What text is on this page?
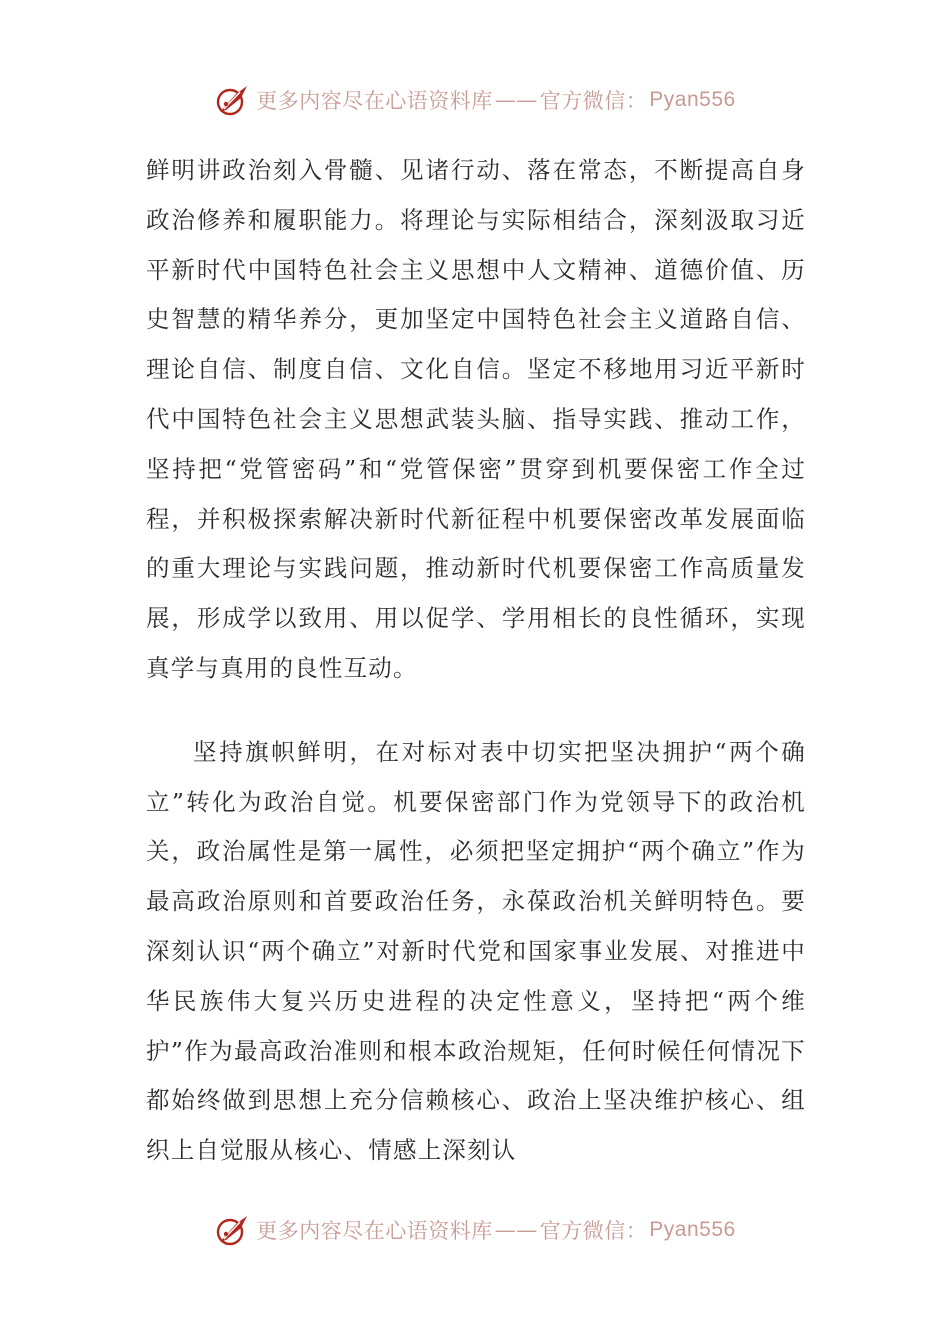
更多内容尽在心语资料库 —— 官方微信： Pyan556

鲜明讲政治刻入骨髓、见诸行动、落在常态，不断提高自身政治修养和履职能力。将理论与实际相结合，深刻汲取习近平新时代中国特色社会主义思想中人文精神、道德价值、历史智慧的精华养分，更加坚定中国特色社会主义道路自信、理论自信、制度自信、文化自信。坚定不移地用习近平新时代中国特色社会主义思想武装头脑、指导实践、推动工作，坚持把“党管密码”和“党管保密”贯穿到机要保密工作全过程，并积极探索解决新时代新征程中机要保密改革发展面临的重大理论与实践问题，推动新时代机要保密工作高质量发展，形成学以致用、用以促学、学用相长的良性循环，实现真学与真用的良性互动。

坚持旗帜鲜明，在对标对表中切实把坚决拥护“两个确立”转化为政治自觉。机要保密部门作为党领导下的政治机关，政治属性是第一属性，必须把坚定拥护“两个确立”作为最高政治原则和首要政治任务，永葆政治机关鲜明特色。要深刻认识“两个确立”对新时代党和国家事业发展、对推进中华民族伟大复兴历史进程的决定性意义，坚持把“两个维护”作为最高政治准则和根本政治规矩，任何时候任何情况下都始终做到思想上充分信赖核心、政治上坚决维护核心、组织上自觉服从核心、情感上深刻认

更多内容尽在心语资料库 —— 官方微信： Pyan556
